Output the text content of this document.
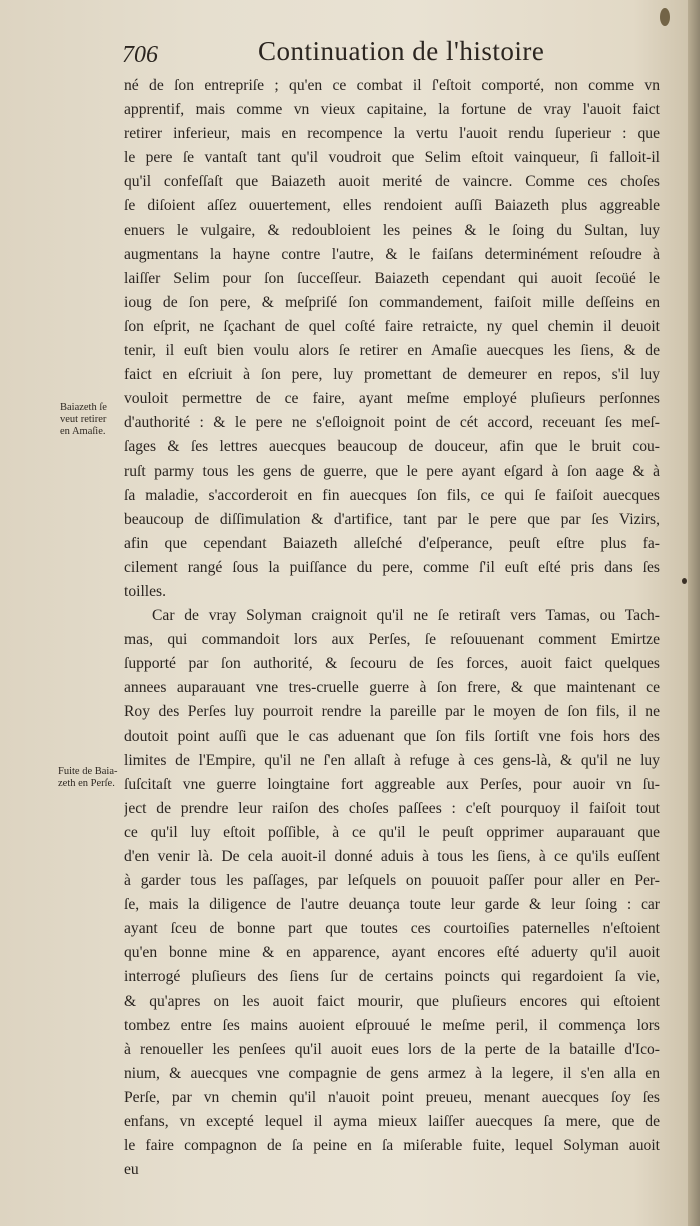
706	Continuation de l'histoire
né de ſon entrepriſe ; qu'en ce combat il ſ'eſtoit comporté, non comme vn
apprentif, mais comme vn vieux capitaine, la fortune de vray l'auoit faict
retirer inferieur, mais en recompence la vertu l'auoit rendu ſuperieur : que
le pere ſe vantaſt tant qu'il voudroit que Selim eſtoit vainqueur, ſi falloit-il
qu'il confeſſaſt que Baiazeth auoit merité de vaincre. Comme ces choſes
ſe diſoient aſſez ouuertement, elles rendoient auſſi Baiazeth plus aggreable
enuers le vulgaire, & redoubloient les peines & le ſoing du Sultan, luy
augmentans la hayne contre l'autre, & le faiſans determinément reſoudre à
laiſſer Selim pour ſon ſucceſſeur. Baiazeth cependant qui auoit ſecoüé le
ioug de ſon pere, & meſpriſé ſon commandement, faiſoit mille deſſeins en
ſon eſprit, ne ſçachant de quel coſté faire retraicte, ny quel chemin il deuoit
tenir, il euſt bien voulu alors ſe retirer en Amaſie auecques les ſiens, & de
faict en eſcriuit à ſon pere, luy promettant de demeurer en repos, s'il luy
vouloit permettre de ce faire, ayant meſme employé pluſieurs perſonnes
d'authorité : & le pere ne s'eſloignoit point de cét accord, receuant ſes meſ-
ſages & ſes lettres auecques beaucoup de douceur, afin que le bruit cou-
ruſt parmy tous les gens de guerre, que le pere ayant eſgard à ſon aage & à
ſa maladie, s'accorderoit en fin auecques ſon fils, ce qui ſe faiſoit auecques
beaucoup de diſſimulation & d'artifice, tant par le pere que par ſes Vizirs,
afin que cependant Baiazeth alleſché d'eſperance, peuſt eſtre plus fa-
cilement rangé ſous la puiſſance du pere, comme ſ'il euſt eſté pris dans ſes
toilles.
Car de vray Solyman craignoit qu'il ne ſe retiraſt vers Tamas, ou Tach-
mas, qui commandoit lors aux Perſes, ſe reſouuenant comment Emirtze
ſupporté par ſon authorité, & ſecouru de ſes forces, auoit faict quelques
annees auparauant vne tres-cruelle guerre à ſon frere, & que maintenant ce
Roy des Perſes luy pourroit rendre la pareille par le moyen de ſon fils, il ne
doutoit point auſſi que le cas aduenant que ſon fils ſortiſt vne fois hors des
limites de l'Empire, qu'il ne ſ'en allaſt à refuge à ces gens-là, & qu'il ne luy
ſuſcitaſt vne guerre loingtaine fort aggreable aux Perſes, pour auoir vn ſu-
ject de prendre leur raiſon des choſes paſſees : c'eſt pourquoy il faiſoit tout
ce qu'il luy eſtoit poſſible, à ce qu'il le peuſt opprimer auparauant que
d'en venir là. De cela auoit-il donné aduis à tous les ſiens, à ce qu'ils euſſent
à garder tous les paſſages, par leſquels on pouuoit paſſer pour aller en Per-
ſe, mais la diligence de l'autre deuança toute leur garde & leur ſoing : car
ayant ſceu de bonne part que toutes ces courtoiſies paternelles n'eſtoient
qu'en bonne mine & en apparence, ayant encores eſté aduerty qu'il auoit
interrogé pluſieurs des ſiens ſur de certains poincts qui regardoient ſa vie,
& qu'apres on les auoit faict mourir, que pluſieurs encores qui eſtoient
tombez entre ſes mains auoient eſprouué le meſme peril, il commença lors
à renoueller les penſees qu'il auoit eues lors de la perte de la bataille d'Ico-
nium, & auecques vne compagnie de gens armez à la legere, il s'en alla en
Perſe, par vn chemin qu'il n'auoit point preueu, menant auecques ſoy ſes
enfans, vn excepté lequel il ayma mieux laiſſer auecques ſa mere, que de
le faire compagnon de ſa peine en ſa miſerable fuite, lequel Solyman auoit
eu
Baiazeth ſe
veut retirer
en Amaſie.
Fuite de Baia-
zeth en Perſe.
